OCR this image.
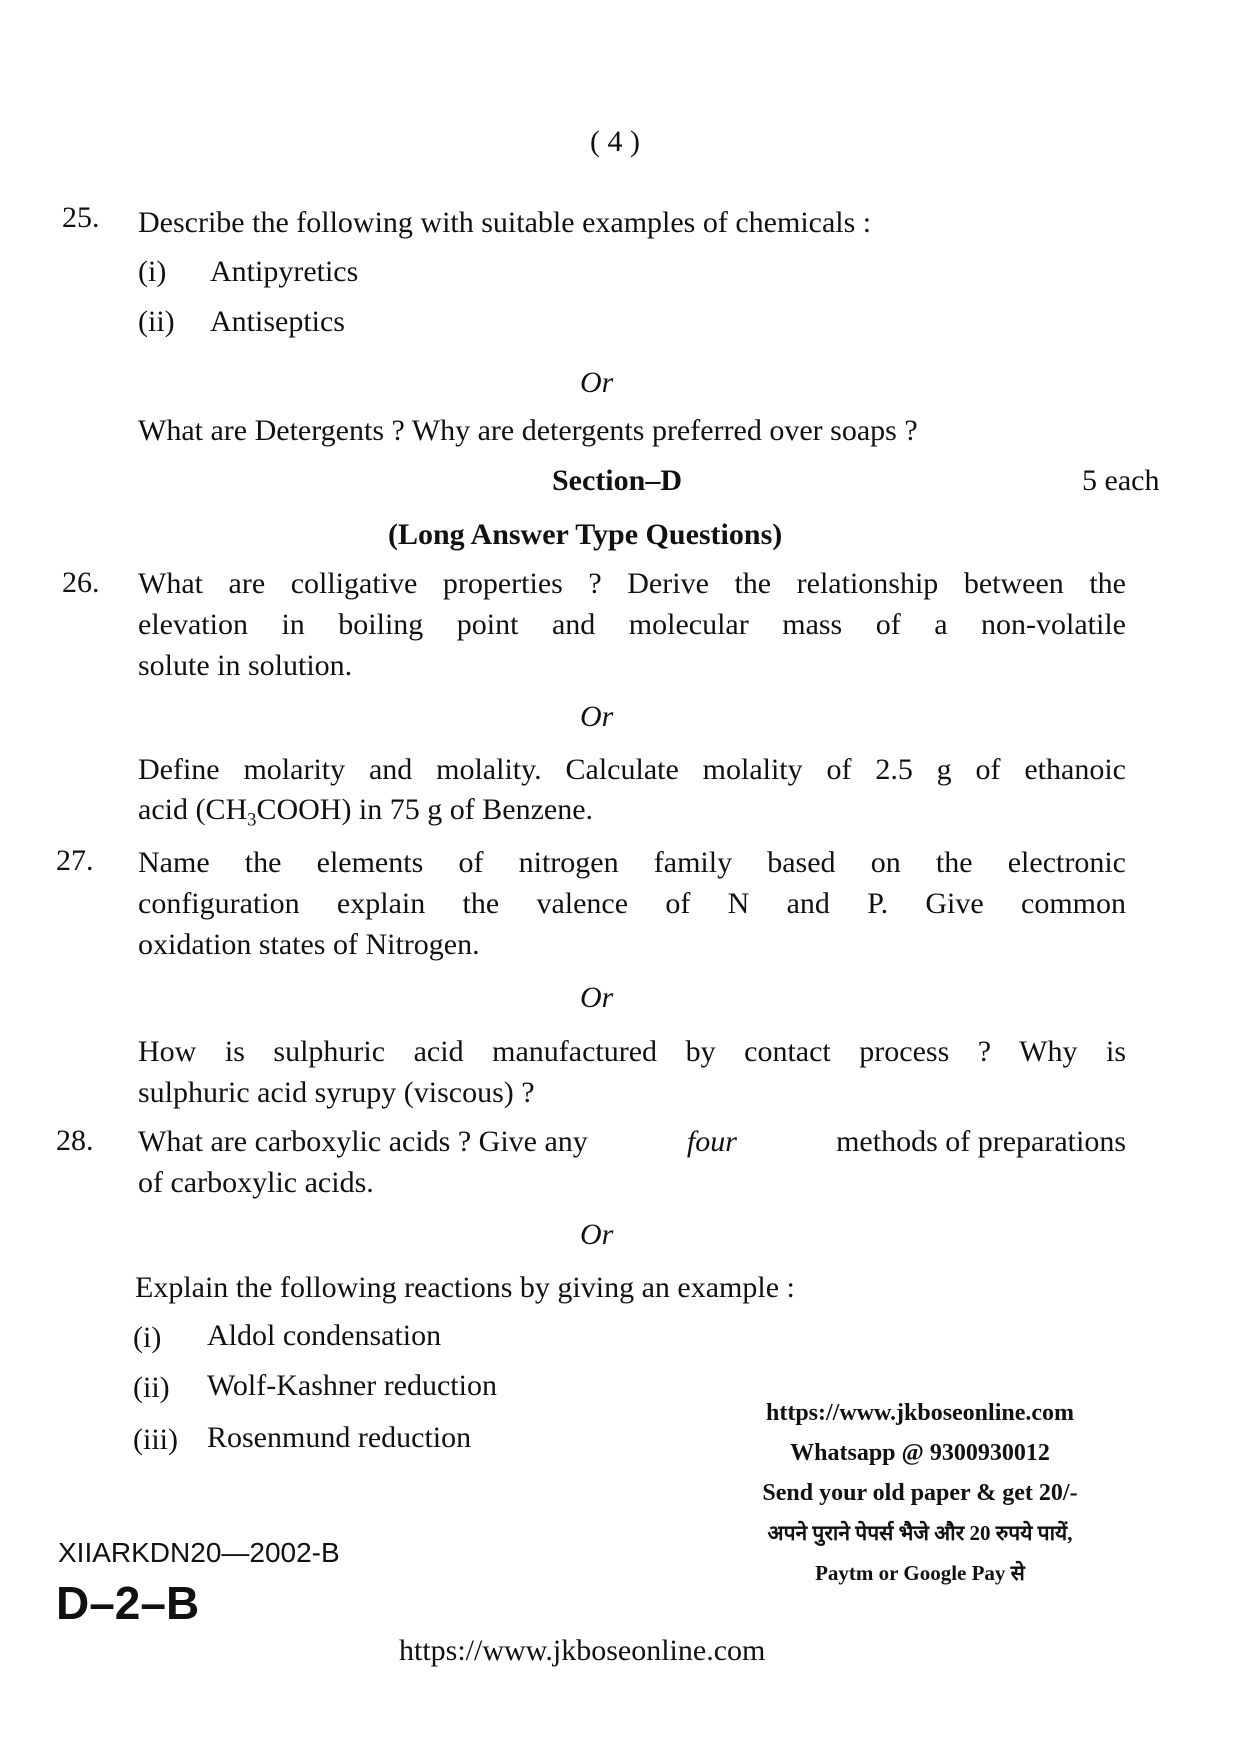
( 4 )
25. Describe the following with suitable examples of chemicals :
(i) Antipyretics
(ii) Antiseptics
Or
What are Detergents ? Why are detergents preferred over soaps ?
Section–D	5 each
(Long Answer Type Questions)
26. What are colligative properties ? Derive the relationship between the
elevation in boiling point and molecular mass of a non-volatile
solute in solution.
Or
Define molarity and molality. Calculate molality of 2.5 g of ethanoic
acid $(CH_3COOH)$ in 75 g of Benzene.
27. Name the elements of nitrogen family based on the electronic
configuration explain the valence of N and P. Give common
oxidation states of Nitrogen.
Or
How is sulphuric acid manufactured by contact process ? Why is
sulphuric acid syrupy (viscous) ?
28. What are carboxylic acids ? Give any	four	methods of preparations
of carboxylic acids.
Or
Explain the following reactions by giving an example :
(i) Aldol condensation
(ii) Wolf-Kashner reduction
(iii) Rosenmund reduction
https://www.jkboseonline.com
Whatsapp @ 9300930012
Send your old paper & get 20/-
अपने पुराने पेपर्स भैजे और 20 रुपये पायें,
Paytm or Google Pay से
XIIARKDN20—2002-B
D–2–B
https://www.jkboseonline.com
